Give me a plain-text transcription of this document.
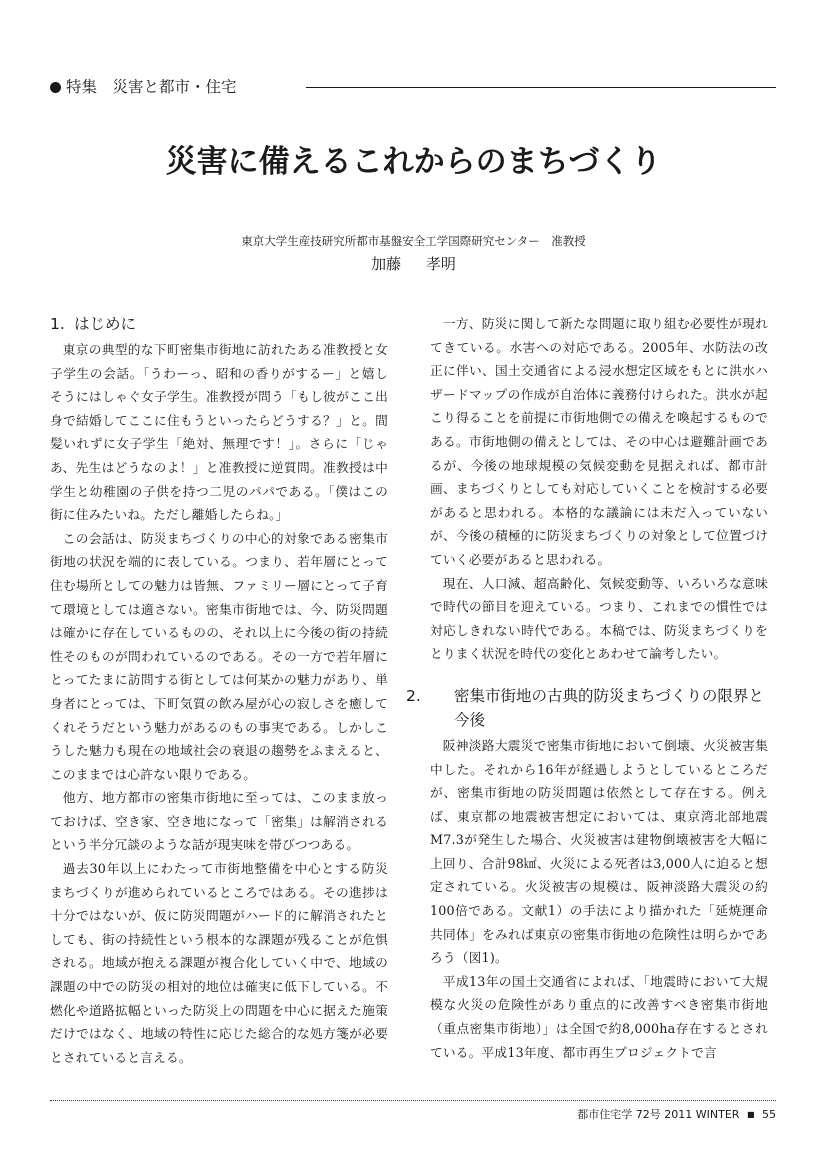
特集　災害と都市・住宅
災害に備えるこれからのまちづくり
東京大学生産技研究所都市基盤安全工学国際研究センター　准教授
加藤 孝明
1. はじめに

東京の典型的な下町密集市街地に訪れたある准教授と女子学生の会話。「うわーっ、昭和の香りがするー」と嬉しそうにはしゃぐ女子学生。准教授が問う「もし彼がここ出身で結婚してここに住もうといったらどうする？」と。間髪いれずに女子学生「絶対、無理です！」。さらに「じゃあ、先生はどうなのよ！」と准教授に逆質問。准教授は中学生と幼稚園の子供を持つ二児のパパである。「僕はこの街に住みたいね。ただし離婚したらね。」

この会話は、防災まちづくりの中心的対象である密集市街地の状況を端的に表している。つまり、若年層にとって住む場所としての魅力は皆無、ファミリー層にとって子育て環境としては適さない。密集市街地では、今、防災問題は確かに存在しているものの、それ以上に今後の街の持続性そのものが問われているのである。その一方で若年層にとってたまに訪問する街としては何某かの魅力があり、単身者にとっては、下町気質の飲み屋が心の寂しさを癒してくれそうだという魅力があるのもの事実である。しかしこうした魅力も現在の地域社会の衰退の趨勢をふまえると、このままでは心許ない限りである。

他方、地方都市の密集市街地に至っては、このまま放っておけば、空き家、空き地になって「密集」は解消されるという半分冗談のような話が現実味を帯びつつある。

過去30年以上にわたって市街地整備を中心とする防災まちづくりが進められているところではある。その進捗は十分ではないが、仮に防災問題がハード的に解消されたとしても、街の持続性という根本的な課題が残ることが危惧される。地域が抱える課題が複合化していく中で、地域の課題の中での防災の相対的地位は確実に低下している。不燃化や道路拡幅といった防災上の問題を中心に据えた施策だけではなく、地域の特性に応じた総合的な処方箋が必要とされていると言える。

一方、防災に関して新たな問題に取り組む必要性が現れてきている。水害への対応である。2005年、水防法の改正に伴い、国土交通省による浸水想定区域をもとに洪水ハザードマップの作成が自治体に義務付けられた。洪水が起こり得ることを前提に市街地側での備えを喚起するものである。市街地側の備えとしては、その中心は避難計画であるが、今後の地球規模の気候変動を見据えれば、都市計画、まちづくりとしても対応していくことを検討する必要があると思われる。本格的な議論には未だ入っていないが、今後の積極的に防災まちづくりの対象として位置づけていく必要があると思われる。

現在、人口減、超高齢化、気候変動等、いろいろな意味で時代の節目を迎えている。つまり、これまでの慣性では対応しきれない時代である。本稿では、防災まちづくりをとりまく状況を時代の変化とあわせて論考したい。

2. 密集市街地の古典的防災まちづくりの限界と今後

阪神淡路大震災で密集市街地において倒壊、火災被害集中した。それから16年が経過しようとしているところだが、密集市街地の防災問題は依然として存在する。例えば、東京都の地震被害想定においては、東京湾北部地震M7.3が発生した場合、火災被害は建物倒壊被害を大幅に上回り、合計98㎢、火災による死者は3,000人に迫ると想定されている。火災被害の規模は、阪神淡路大震災の約100倍である。文献1）の手法により描かれた「延焼運命共同体」をみれば東京の密集市街地の危険性は明らかであろう（図1)。

平成13年の国土交通省によれば、「地震時において大規模な火災の危険性があり重点的に改善すべき密集市街地（重点密集市街地）」は全国で約8,000ha存在するとされている。平成13年度、都市再生プロジェクトで言

都市住宅学 72号 2011 WINTER ■ 55
